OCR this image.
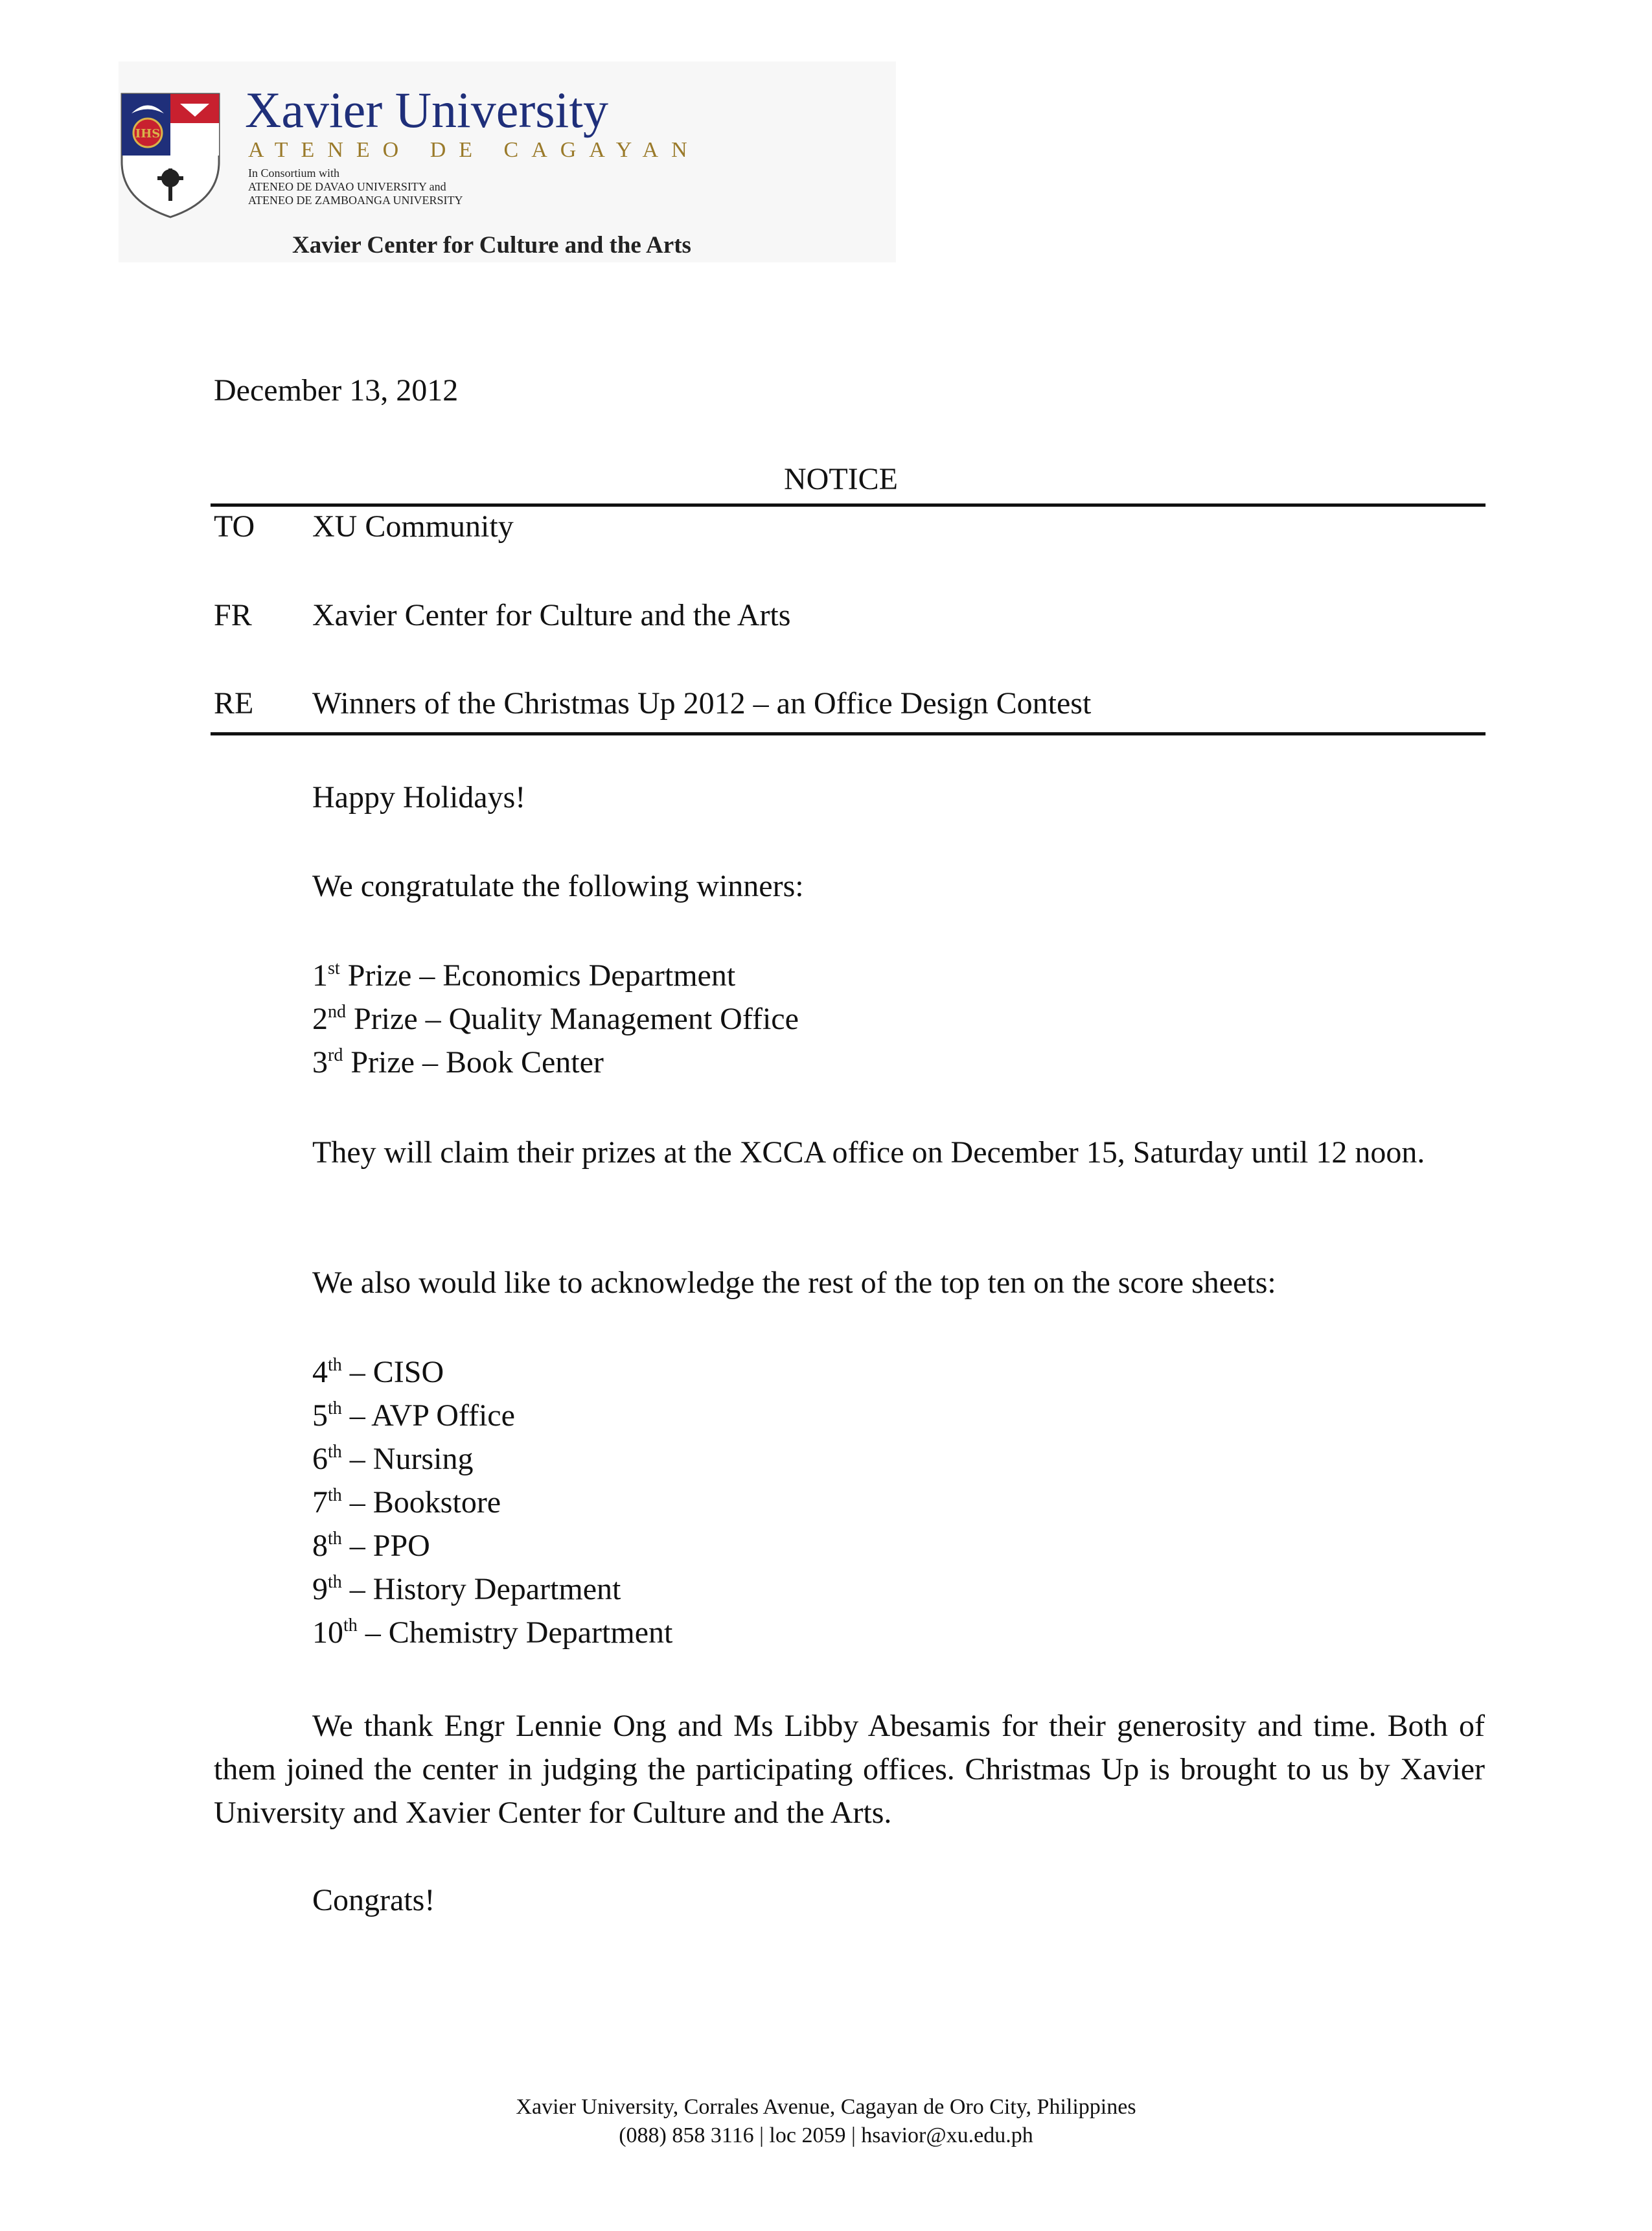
IHS Xavier University
ATENEO DE CAGAYAN
In Consortium with
ATENEO DE DAVAO UNIVERSITY and
ATENEO DE ZAMBOANGA UNIVERSITY
Xavier Center for Culture and the Arts
December 13, 2012
NOTICE
TO XU Community
FR Xavier Center for Culture and the Arts
RE Winners of the Christmas Up 2012 – an Office Design Contest
Happy Holidays!
We congratulate the following winners:
1st Prize – Economics Department
2nd Prize – Quality Management Office
3rd Prize – Book Center
They will claim their prizes at the XCCA office on December 15, Saturday until 12 noon.
We also would like to acknowledge the rest of the top ten on the score sheets:
4th – CISO
5th – AVP Office
6th – Nursing
7th – Bookstore
8th – PPO
9th – History Department
10th – Chemistry Department
We thank Engr Lennie Ong and Ms Libby Abesamis for their generosity and time. Both of them joined the center in judging the participating offices. Christmas Up is brought to us by Xavier University and Xavier Center for Culture and the Arts.
Congrats!
Xavier University, Corrales Avenue, Cagayan de Oro City, Philippines
(088) 858 3116 | loc 2059 | hsavior@xu.edu.ph
